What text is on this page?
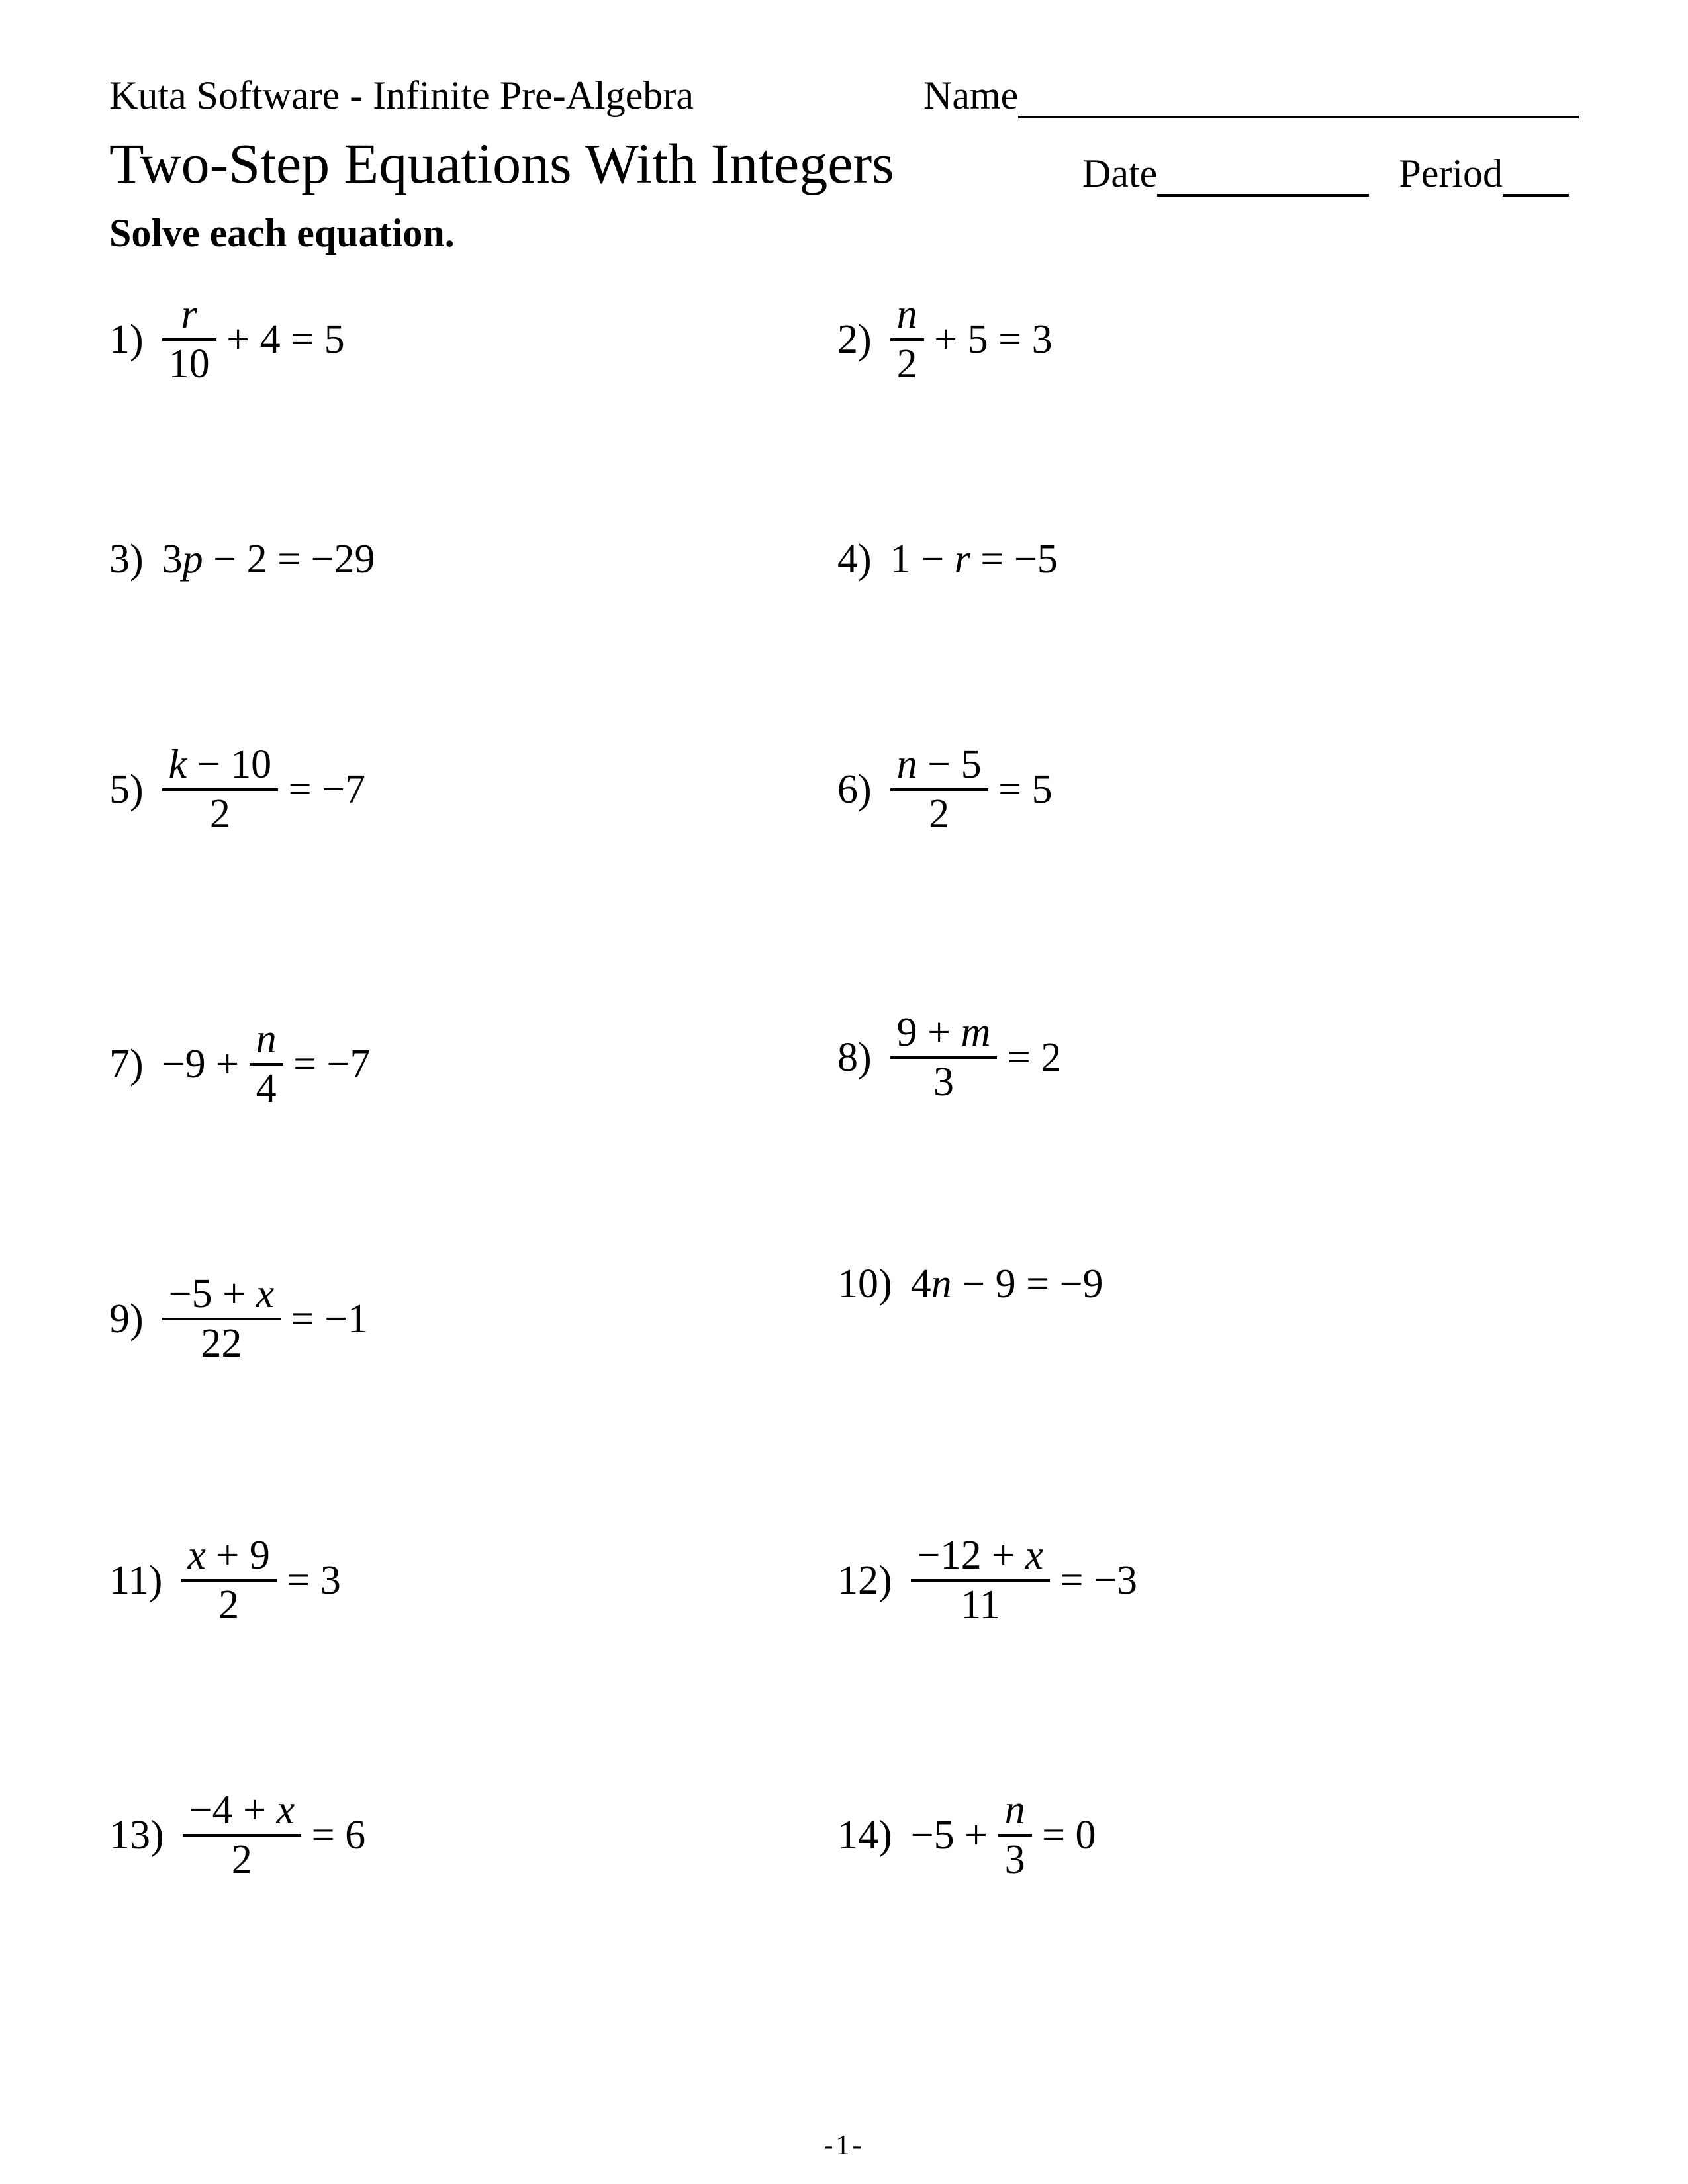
Kuta Software - Infinite Pre-Algebra	Name
Two-Step Equations With Integers	Date	Period
Solve each equation.
$1) \frac{r}{10} + 4 = 5$	$2) \frac{n}{2} + 5 = 3$
3) 3 p − 2 = −29	4) 1 − r = −5
$5) \frac{k - 10}{2} = -7$	$6) \frac{n - 5}{2} = 5$
$7) -9 + \frac{n}{4} = -7$	$8) \frac{9 + m}{3} = 2$
$9) \frac{-5 + x}{22} = -1$
10) 4 n − 9 = −9
$11) \frac{x + 9}{2} = 3$	$12) \frac{-12 + x}{11} = -3$
$13) \frac{-4 + x}{2} = 6$	$14) -5 + \frac{n}{3} = 0$
-1-
